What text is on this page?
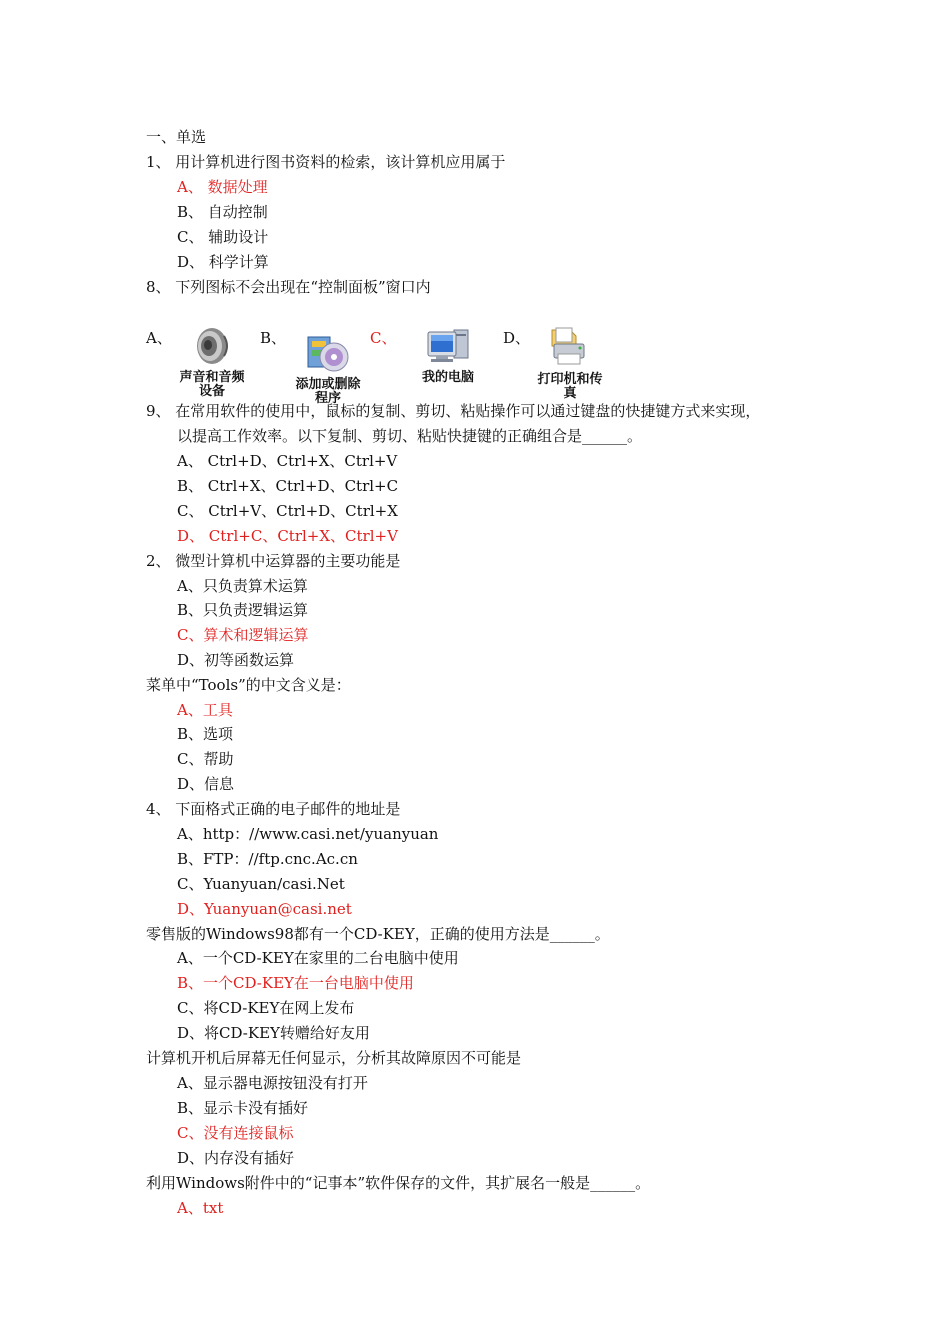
一、单选
1、 用计算机进行图书资料的检索，该计算机应用属于
A、 数据处理
B、 自动控制
C、 辅助设计
D、 科学计算
8、 下列图标不会出现在“控制面板”窗口内
A、
声音和音频
设备
B、
添加或删除
程序
C、
我的电脑
D、
打印机和传
真
9、 在常用软件的使用中，鼠标的复制、剪切、粘贴操作可以通过键盘的快捷键方式来实现，
以提高工作效率。以下复制、剪切、粘贴快捷键的正确组合是______。
A、 Ctrl+D、Ctrl+X、Ctrl+V
B、 Ctrl+X、Ctrl+D、Ctrl+C
C、 Ctrl+V、Ctrl+D、Ctrl+X
D、 Ctrl+C、Ctrl+X、Ctrl+V
2、 微型计算机中运算器的主要功能是
A、只负责算术运算
B、只负责逻辑运算
C、算术和逻辑运算
D、初等函数运算
菜单中“Tools”的中文含义是：
A、工具
B、选项
C、帮助
D、信息
4、 下面格式正确的电子邮件的地址是
A、http：//www.casi.net/yuanyuan
B、FTP：//ftp.cnc.Ac.cn
C、Yuanyuan/casi.Net
D、Yuanyuan@casi.net
零售版的Windows98都有一个CD-KEY，正确的使用方法是______。
A、一个CD-KEY在家里的二台电脑中使用
B、一个CD-KEY在一台电脑中使用
C、将CD-KEY在网上发布
D、将CD-KEY转赠给好友用
计算机开机后屏幕无任何显示，分析其故障原因不可能是
A、显示器电源按钮没有打开
B、显示卡没有插好
C、没有连接鼠标
D、内存没有插好
利用Windows附件中的“记事本”软件保存的文件，其扩展名一般是______。
A、txt
